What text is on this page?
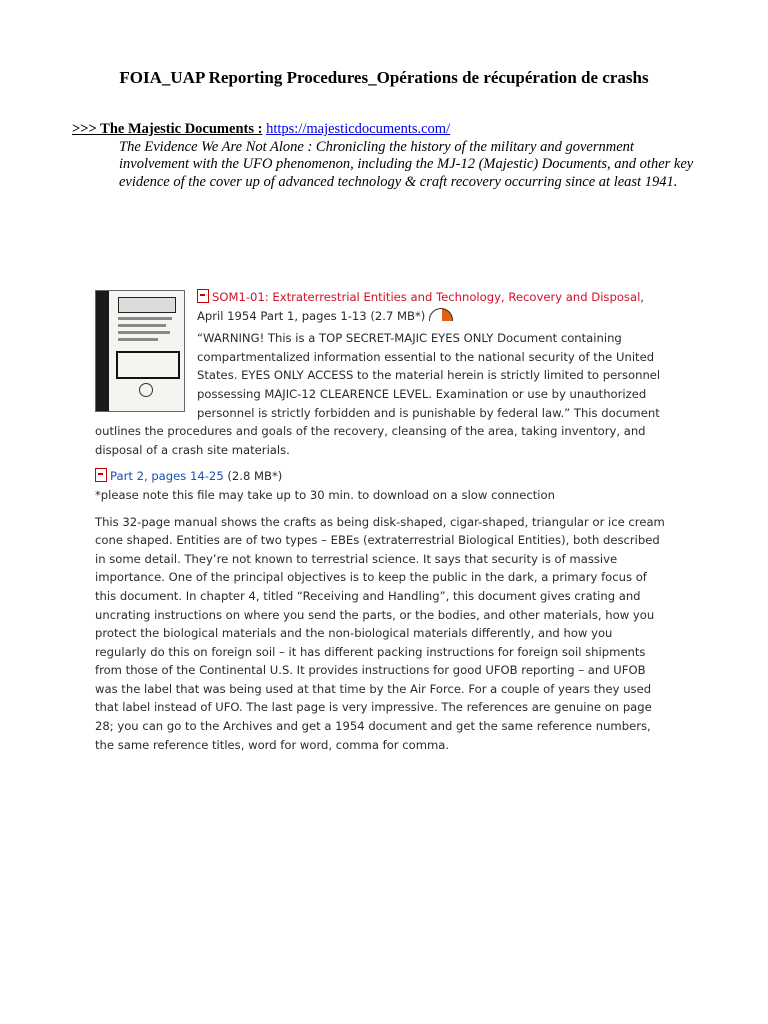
FOIA_UAP Reporting Procedures_Opérations de récupération de crashs
>>> The Majestic Documents : https://majesticdocuments.com/
The Evidence We Are Not Alone : Chronicling the history of the military and government involvement with the UFO phenomenon, including the MJ-12 (Majestic) Documents, and other key evidence of the cover up of advanced technology & craft recovery occurring since at least 1941.
SOM1-01: Extraterrestrial Entities and Technology, Recovery and Disposal,
April 1954 Part 1, pages 1-13 (2.7 MB*)
“WARNING! This is a TOP SECRET-MAJIC EYES ONLY Document containing compartmentalized information essential to the national security of the United States. EYES ONLY ACCESS to the material herein is strictly limited to personnel possessing MAJIC-12 CLEARENCE LEVEL. Examination or use by unauthorized personnel is strictly forbidden and is punishable by federal law.” This document outlines the procedures and goals of the recovery, cleansing of the area, taking inventory, and disposal of a crash site materials.
Part 2, pages 14-25 (2.8 MB*)
*please note this file may take up to 30 min. to download on a slow connection
This 32-page manual shows the crafts as being disk-shaped, cigar-shaped, triangular or ice cream cone shaped. Entities are of two types – EBEs (extraterrestrial Biological Entities), both described in some detail. They’re not known to terrestrial science. It says that security is of massive importance. One of the principal objectives is to keep the public in the dark, a primary focus of this document. In chapter 4, titled “Receiving and Handling”, this document gives crating and uncrating instructions on where you send the parts, or the bodies, and other materials, how you protect the biological materials and the non-biological materials differently, and how you regularly do this on foreign soil – it has different packing instructions for foreign soil shipments from those of the Continental U.S. It provides instructions for good UFOB reporting – and UFOB was the label that was being used at that time by the Air Force. For a couple of years they used that label instead of UFO. The last page is very impressive. The references are genuine on page 28; you can go to the Archives and get a 1954 document and get the same reference numbers, the same reference titles, word for word, comma for comma.
